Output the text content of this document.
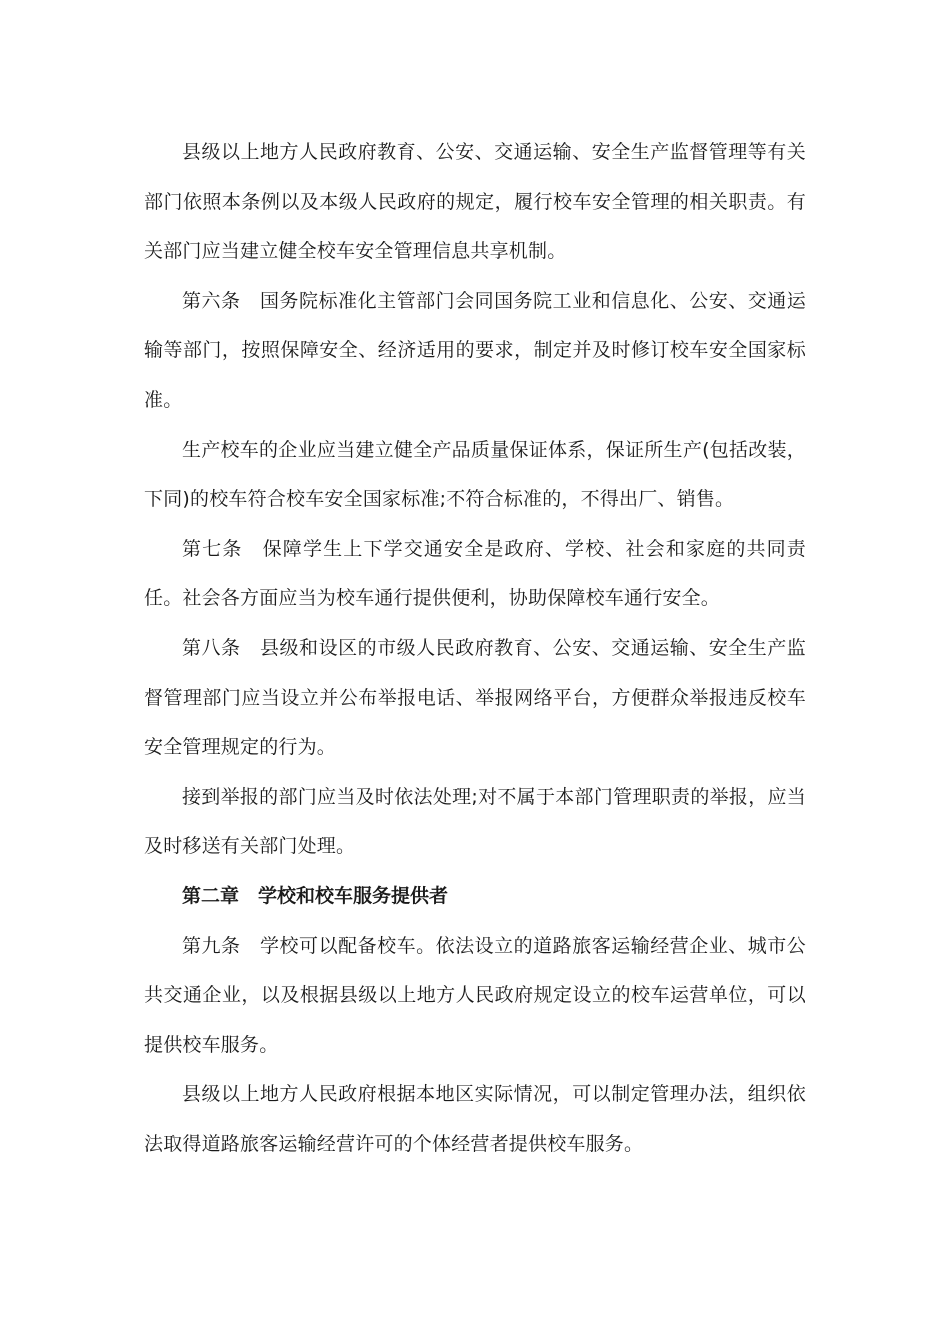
县级以上地方人民政府教育、公安、交通运输、安全生产监督管理等有关部门依照本条例以及本级人民政府的规定，履行校车安全管理的相关职责。有关部门应当建立健全校车安全管理信息共享机制。

第六条　国务院标准化主管部门会同国务院工业和信息化、公安、交通运输等部门，按照保障安全、经济适用的要求，制定并及时修订校车安全国家标准。

生产校车的企业应当建立健全产品质量保证体系，保证所生产(包括改装，下同)的校车符合校车安全国家标准;不符合标准的，不得出厂、销售。

第七条　保障学生上下学交通安全是政府、学校、社会和家庭的共同责任。社会各方面应当为校车通行提供便利，协助保障校车通行安全。

第八条　县级和设区的市级人民政府教育、公安、交通运输、安全生产监督管理部门应当设立并公布举报电话、举报网络平台，方便群众举报违反校车安全管理规定的行为。

接到举报的部门应当及时依法处理;对不属于本部门管理职责的举报，应当及时移送有关部门处理。

第二章　学校和校车服务提供者

第九条　学校可以配备校车。依法设立的道路旅客运输经营企业、城市公共交通企业，以及根据县级以上地方人民政府规定设立的校车运营单位，可以提供校车服务。

县级以上地方人民政府根据本地区实际情况，可以制定管理办法，组织依法取得道路旅客运输经营许可的个体经营者提供校车服务。
